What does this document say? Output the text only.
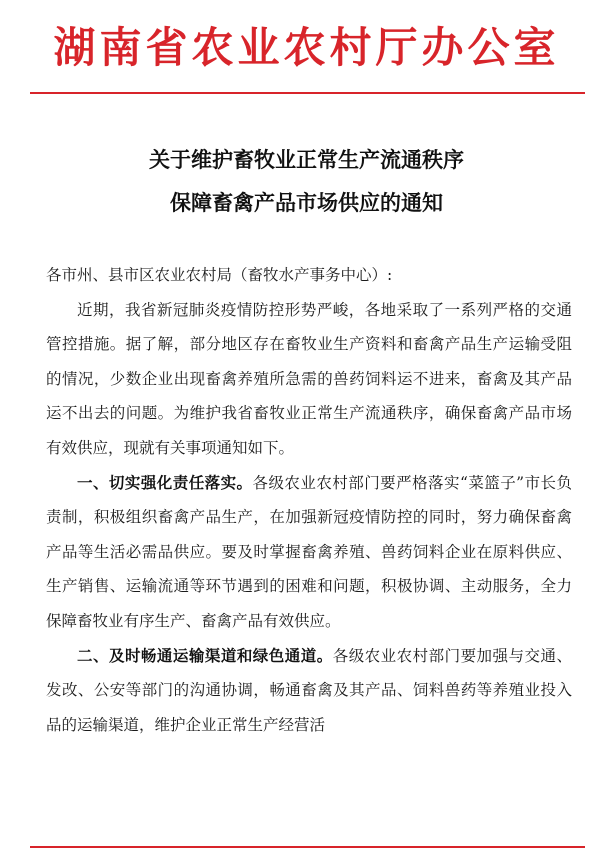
湖南省农业农村厅办公室
关于维护畜牧业正常生产流通秩序
保障畜禽产品市场供应的通知

各市州、县市区农业农村局（畜牧水产事务中心）:

近期，我省新冠肺炎疫情防控形势严峻，各地采取了一系列严格的交通管控措施。据了解，部分地区存在畜牧业生产资料和畜禽产品生产运输受阻的情况，少数企业出现畜禽养殖所急需的兽药饲料运不进来，畜禽及其产品运不出去的问题。为维护我省畜牧业正常生产流通秩序，确保畜禽产品市场有效供应，现就有关事项通知如下。

一、切实强化责任落实。各级农业农村部门要严格落实“菜篮子”市长负责制，积极组织畜禽产品生产，在加强新冠疫情防控的同时，努力确保畜禽产品等生活必需品供应。要及时掌握畜禽养殖、兽药饲料企业在原料供应、生产销售、运输流通等环节遇到的困难和问题，积极协调、主动服务，全力保障畜牧业有序生产、畜禽产品有效供应。

二、及时畅通运输渠道和绿色通道。各级农业农村部门要加强与交通、发改、公安等部门的沟通协调，畅通畜禽及其产品、饲料兽药等养殖业投入品的运输渠道，维护企业正常生产经营活
